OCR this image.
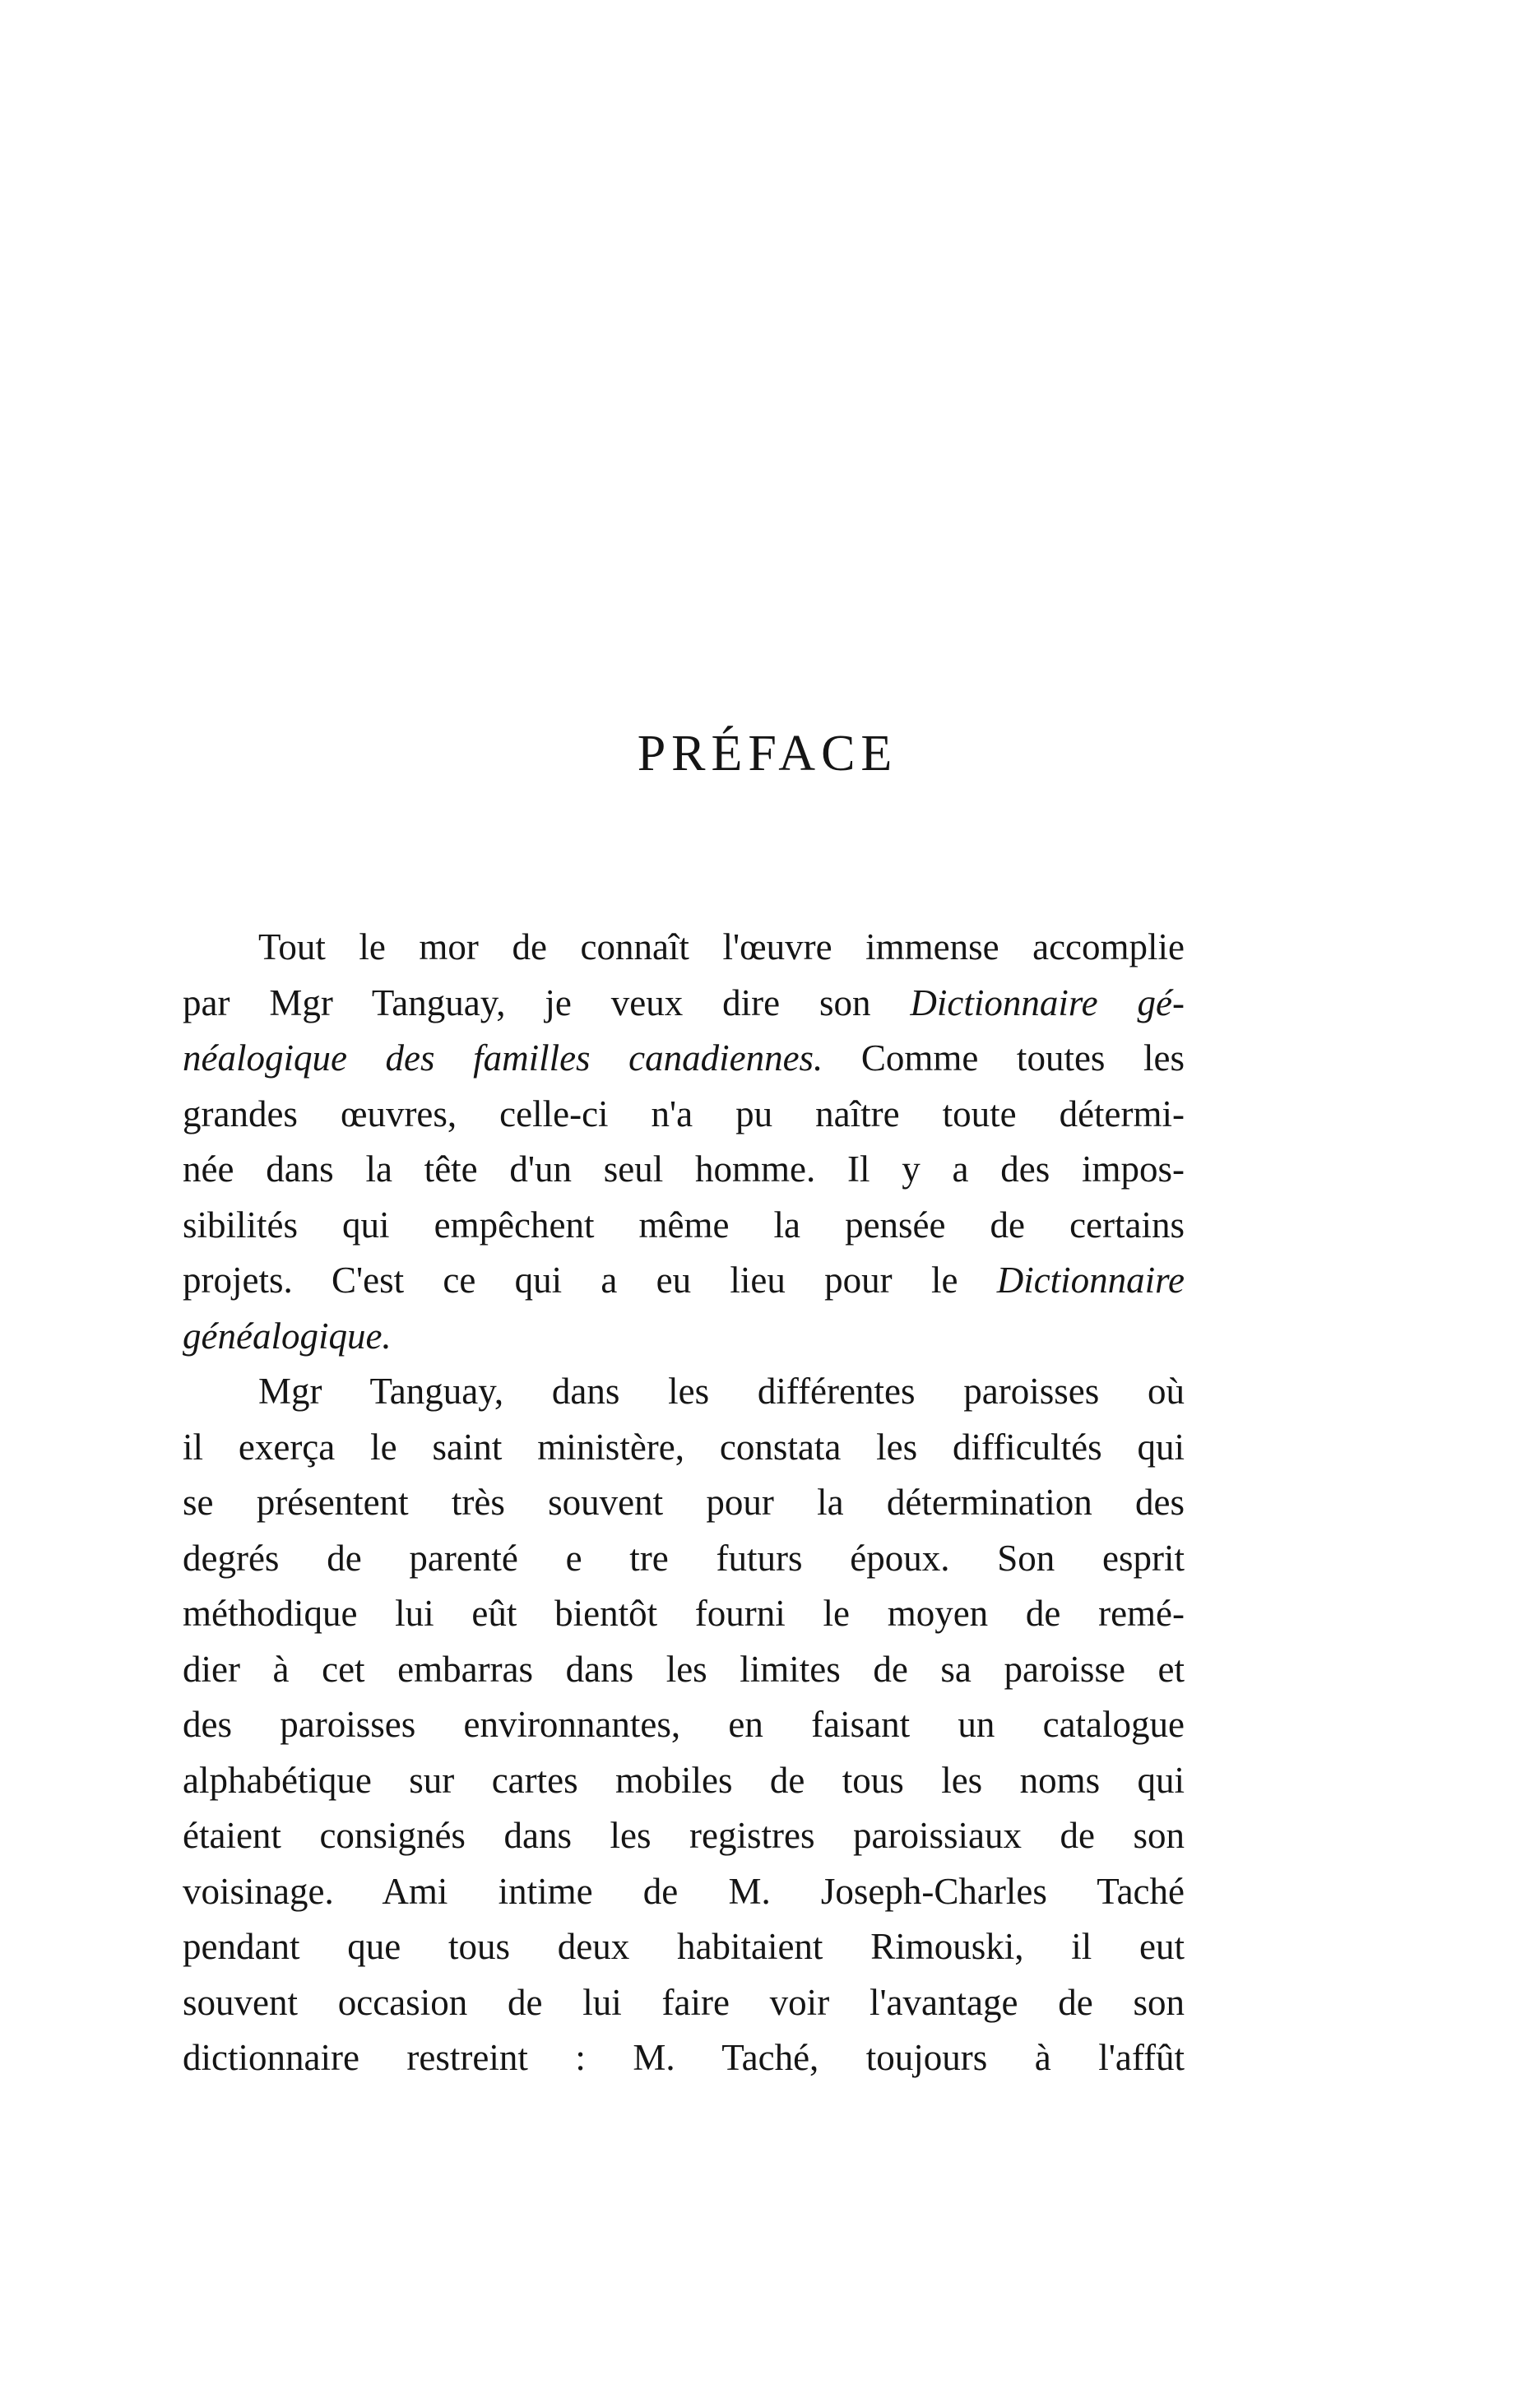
PRÉFACE
Tout le mor de connaît l'œuvre immense accomplie
par Mgr Tanguay, je veux dire son Dictionnaire gé-
néalogique des familles canadiennes. Comme toutes les
grandes œuvres, celle-ci n'a pu naître toute détermi-
née dans la tête d'un seul homme. Il y a des impos-
sibilités qui empêchent même la pensée de certains
projets. C'est ce qui a eu lieu pour le Dictionnaire
généalogique.
Mgr Tanguay, dans les différentes paroisses où
il exerça le saint ministère, constata les difficultés qui
se présentent très souvent pour la détermination des
degrés de parenté e tre futurs époux. Son esprit
méthodique lui eût bientôt fourni le moyen de remé-
dier à cet embarras dans les limites de sa paroisse et
des paroisses environnantes, en faisant un catalogue
alphabétique sur cartes mobiles de tous les noms qui
étaient consignés dans les registres paroissiaux de son
voisinage. Ami intime de M. Joseph-Charles Taché
pendant que tous deux habitaient Rimouski, il eut
souvent occasion de lui faire voir l'avantage de son
dictionnaire restreint : M. Taché, toujours à l'affût
